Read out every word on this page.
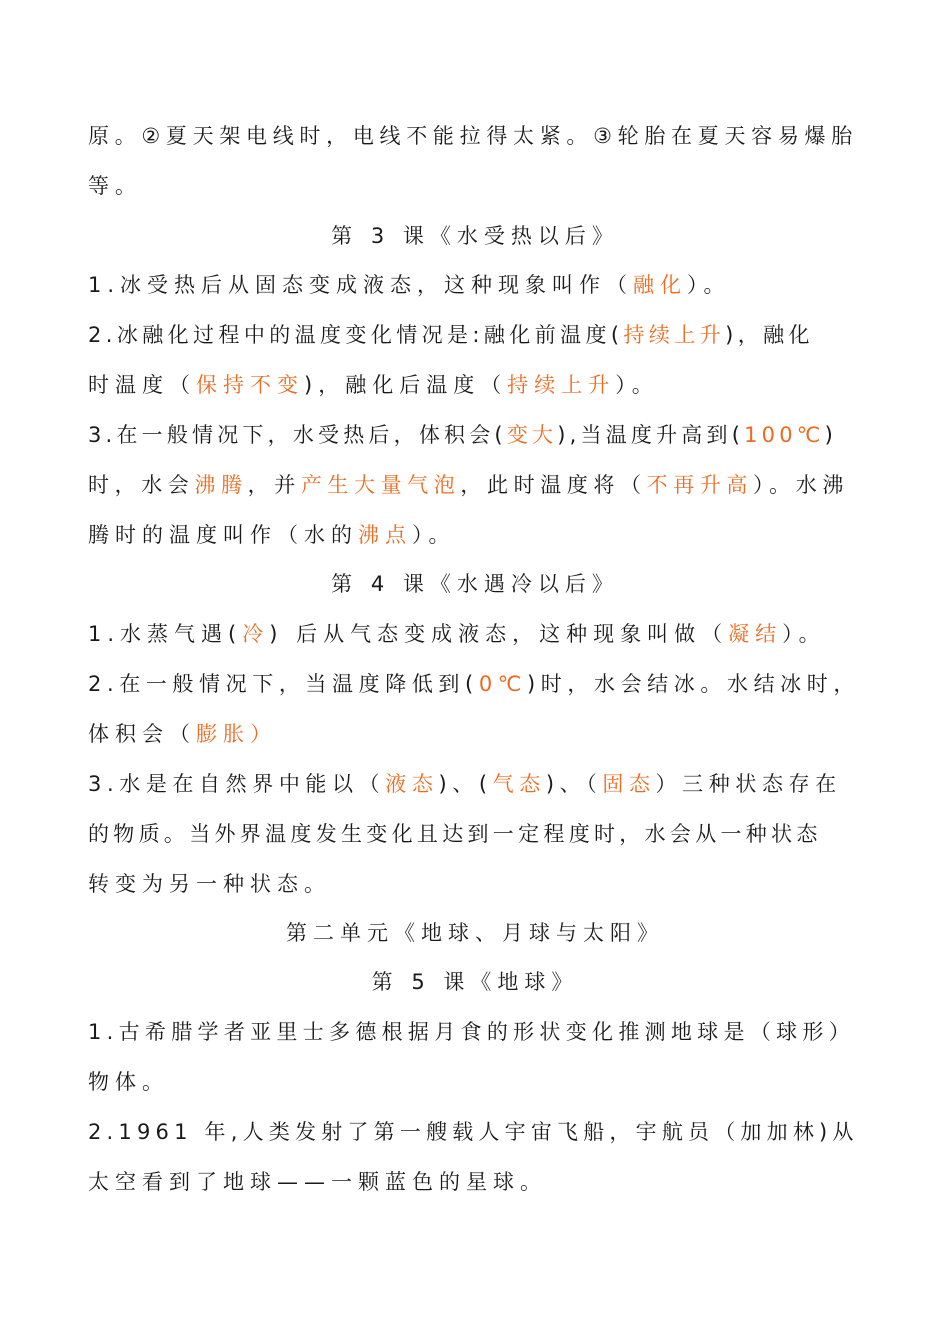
原。②夏天架电线时，电线不能拉得太紧。③轮胎在夏天容易爆胎
等。
第 3 课《水受热以后》
1.冰受热后从固态变成液态，这种现象叫作（融化）。
2.冰融化过程中的温度变化情况是:融化前温度(持续上升)，融化
时温度（保持不变)，融化后温度（持续上升）。
3.在一般情况下，水受热后，体积会(变大),当温度升高到(100℃)
时，水会沸腾，并产生大量气泡，此时温度将（不再升高）。水沸
腾时的温度叫作（水的沸点）。
第 4 课《水遇冷以后》
1.水蒸气遇(冷) 后从气态变成液态，这种现象叫做（凝结）。
2.在一般情况下，当温度降低到(0℃)时，水会结冰。水结冰时，
体积会（膨胀）
3.水是在自然界中能以（液态)、(气态)、（固态）三种状态存在
的物质。当外界温度发生变化且达到一定程度时，水会从一种状态
转变为另一种状态。
第二单元《地球、月球与太阳》
第 5 课《地球》
1.古希腊学者亚里士多德根据月食的形状变化推测地球是（球形）
物体。
2.1961 年,人类发射了第一艘载人宇宙飞船，宇航员（加加林)从
太空看到了地球——一颗蓝色的星球。
